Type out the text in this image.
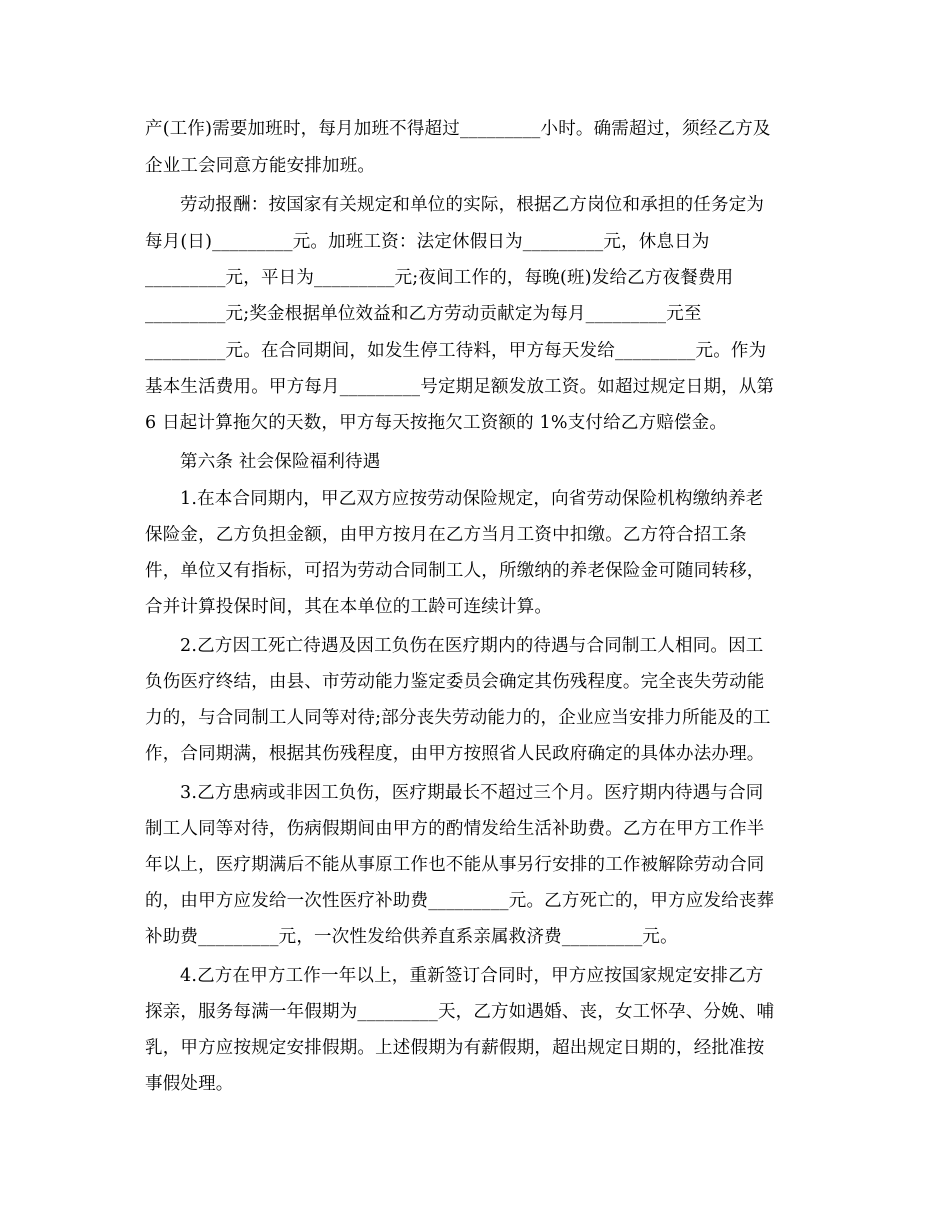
产(工作)需要加班时，每月加班不得超过_________小时。确需超过，须经乙方及
企业工会同意方能安排加班。
劳动报酬：按国家有关规定和单位的实际，根据乙方岗位和承担的任务定为
每月(日)_________元。加班工资：法定休假日为_________元，休息日为
_________元，平日为_________元;夜间工作的，每晚(班)发给乙方夜餐费用
_________元;奖金根据单位效益和乙方劳动贡献定为每月_________元至
_________元。在合同期间，如发生停工待料，甲方每天发给_________元。作为
基本生活费用。甲方每月_________号定期足额发放工资。如超过规定日期，从第
6 日起计算拖欠的天数，甲方每天按拖欠工资额的 1%支付给乙方赔偿金。
第六条 社会保险福利待遇
1.在本合同期内，甲乙双方应按劳动保险规定，向省劳动保险机构缴纳养老
保险金，乙方负担金额，由甲方按月在乙方当月工资中扣缴。乙方符合招工条
件，单位又有指标，可招为劳动合同制工人，所缴纳的养老保险金可随同转移，
合并计算投保时间，其在本单位的工龄可连续计算。
2.乙方因工死亡待遇及因工负伤在医疗期内的待遇与合同制工人相同。因工
负伤医疗终结，由县、市劳动能力鉴定委员会确定其伤残程度。完全丧失劳动能
力的，与合同制工人同等对待;部分丧失劳动能力的，企业应当安排力所能及的工
作，合同期满，根据其伤残程度，由甲方按照省人民政府确定的具体办法办理。
3.乙方患病或非因工负伤，医疗期最长不超过三个月。医疗期内待遇与合同
制工人同等对待，伤病假期间由甲方的酌情发给生活补助费。乙方在甲方工作半
年以上，医疗期满后不能从事原工作也不能从事另行安排的工作被解除劳动合同
的，由甲方应发给一次性医疗补助费_________元。乙方死亡的，甲方应发给丧葬
补助费_________元，一次性发给供养直系亲属救济费_________元。
4.乙方在甲方工作一年以上，重新签订合同时，甲方应按国家规定安排乙方
探亲，服务每满一年假期为_________天，乙方如遇婚、丧，女工怀孕、分娩、哺
乳，甲方应按规定安排假期。上述假期为有薪假期，超出规定日期的，经批准按
事假处理。
